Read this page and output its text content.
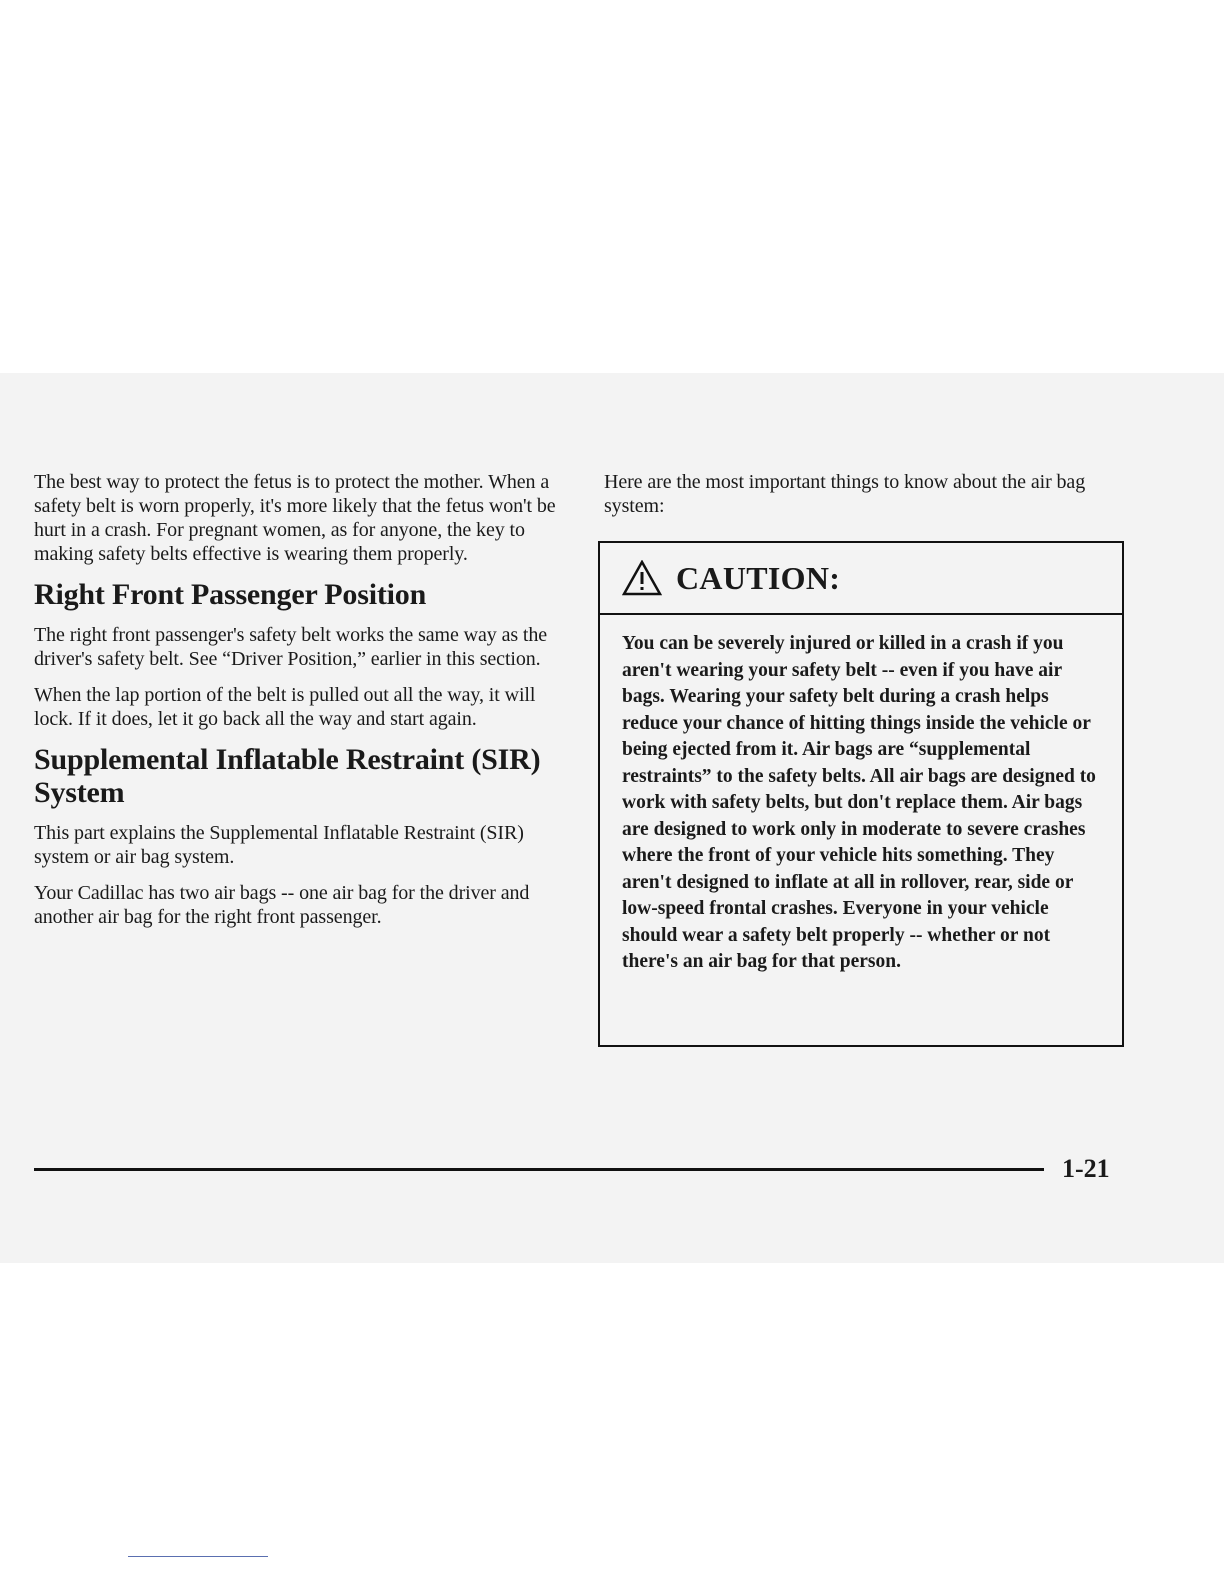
The best way to protect the fetus is to protect the mother. When a safety belt is worn properly, it's more likely that the fetus won't be hurt in a crash. For pregnant women, as for anyone, the key to making safety belts effective is wearing them properly.

Right Front Passenger Position

The right front passenger's safety belt works the same way as the driver's safety belt. See “Driver Position,” earlier in this section.

When the lap portion of the belt is pulled out all the way, it will lock. If it does, let it go back all the way and start again.

Supplemental Inflatable Restraint (SIR) System

This part explains the Supplemental Inflatable Restraint (SIR) system or air bag system.

Your Cadillac has two air bags -- one air bag for the driver and another air bag for the right front passenger.

Here are the most important things to know about the air bag system:

CAUTION:
You can be severely injured or killed in a crash if you aren't wearing your safety belt -- even if you have air bags. Wearing your safety belt during a crash helps reduce your chance of hitting things inside the vehicle or being ejected from it. Air bags are “supplemental restraints” to the safety belts. All air bags are designed to work with safety belts, but don't replace them. Air bags are designed to work only in moderate to severe crashes where the front of your vehicle hits something. They aren't designed to inflate at all in rollover, rear, side or low-speed frontal crashes. Everyone in your vehicle should wear a safety belt properly -- whether or not there's an air bag for that person.
1-21
